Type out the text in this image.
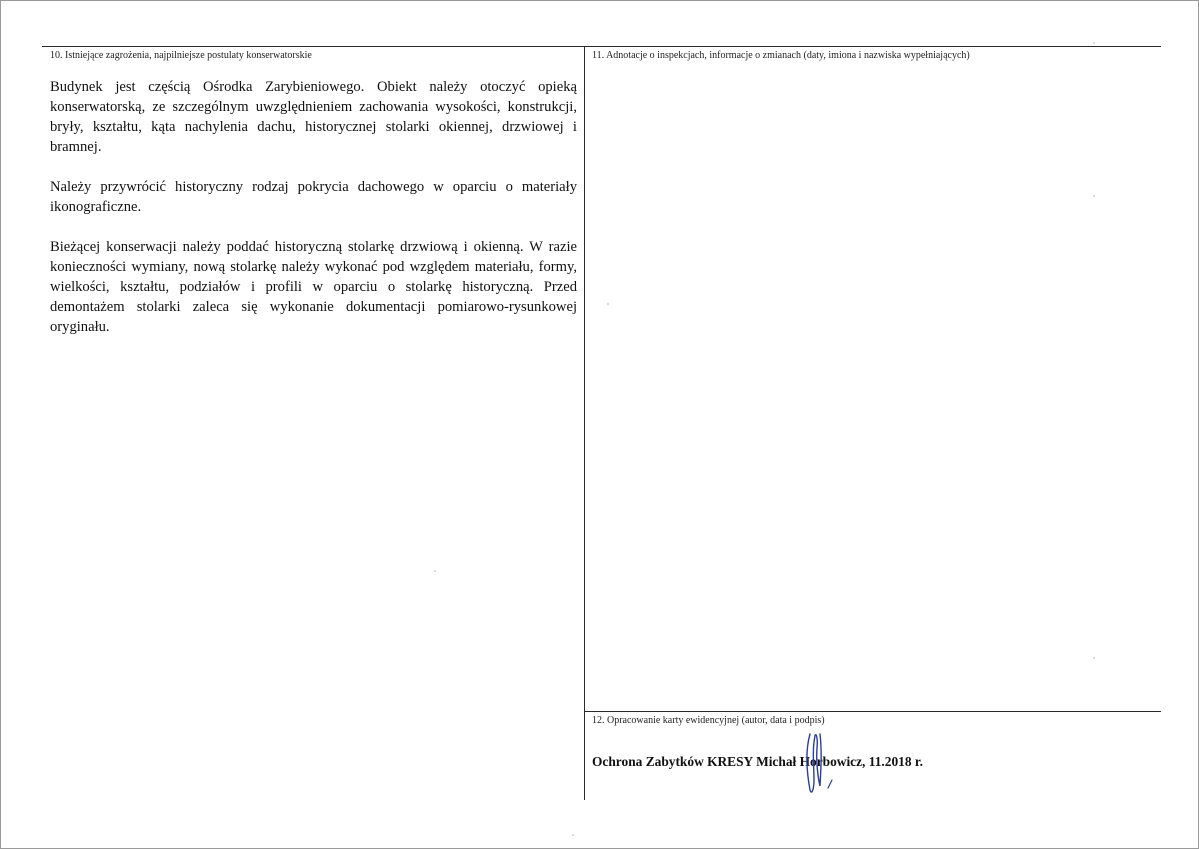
10. Istniejące zagrożenia, najpilniejsze postulaty konserwatorskie	11. Adnotacje o inspekcjach, informacje o zmianach (daty, imiona i nazwiska wypełniających)
12. Opracowanie karty ewidencyjnej (autor, data i podpis)

Budynek jest częścią Ośrodka Zarybieniowego. Obiekt należy otoczyć opieką konserwatorską, ze szczególnym uwzględnieniem zachowania wysokości, konstrukcji, bryły, kształtu, kąta nachylenia dachu, historycznej stolarki okiennej, drzwiowej i bramnej.

Należy przywrócić historyczny rodzaj pokrycia dachowego w oparciu o materiały ikonograficzne.

Bieżącej konserwacji należy poddać historyczną stolarkę drzwiową i okienną. W razie konieczności wymiany, nową stolarkę należy wykonać pod względem materiału, formy, wielkości, kształtu, podziałów i profili w oparciu o stolarkę historyczną. Przed demontażem stolarki zaleca się wykonanie dokumentacji pomiarowo-rysunkowej oryginału.

Ochrona Zabytków KRESY Michał Horbowicz, 11.2018 r.
